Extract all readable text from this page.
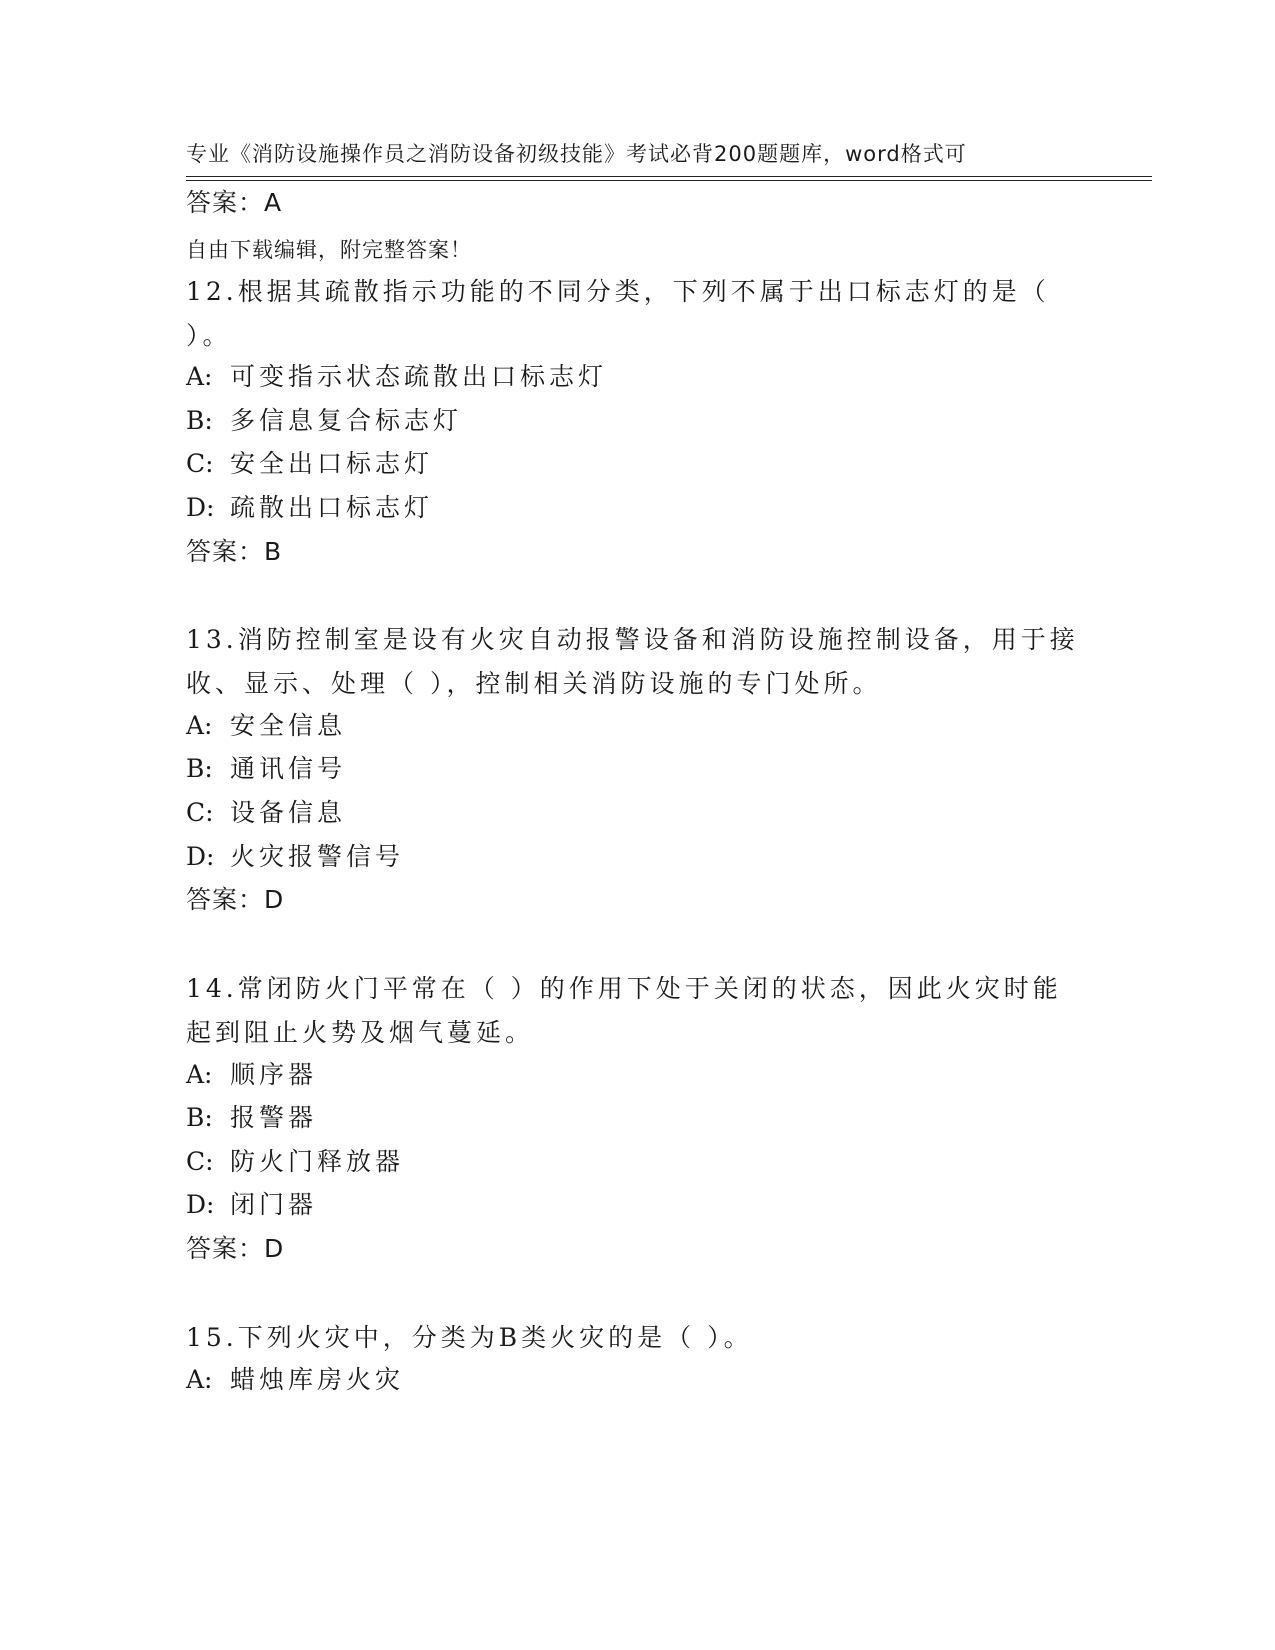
专业《消防设施操作员之消防设备初级技能》考试必背200题题库，word格式可

自由下载编辑，附完整答案！

答案：A
12.根据其疏散指示功能的不同分类，下列不属于出口标志灯的是（
）。
A: 可变指示状态疏散出口标志灯
B: 多信息复合标志灯
C: 安全出口标志灯
D: 疏散出口标志灯
答案：B
13.消防控制室是设有火灾自动报警设备和消防设施控制设备，用于接
收、显示、处理（ ），控制相关消防设施的专门处所。
A: 安全信息
B: 通讯信号
C: 设备信息
D: 火灾报警信号
答案：D
14.常闭防火门平常在（ ）的作用下处于关闭的状态，因此火灾时能
起到阻止火势及烟气蔓延。
A: 顺序器
B: 报警器
C: 防火门释放器
D: 闭门器
答案：D
15.下列火灾中，分类为B类火灾的是（ ）。
A: 蜡烛库房火灾
